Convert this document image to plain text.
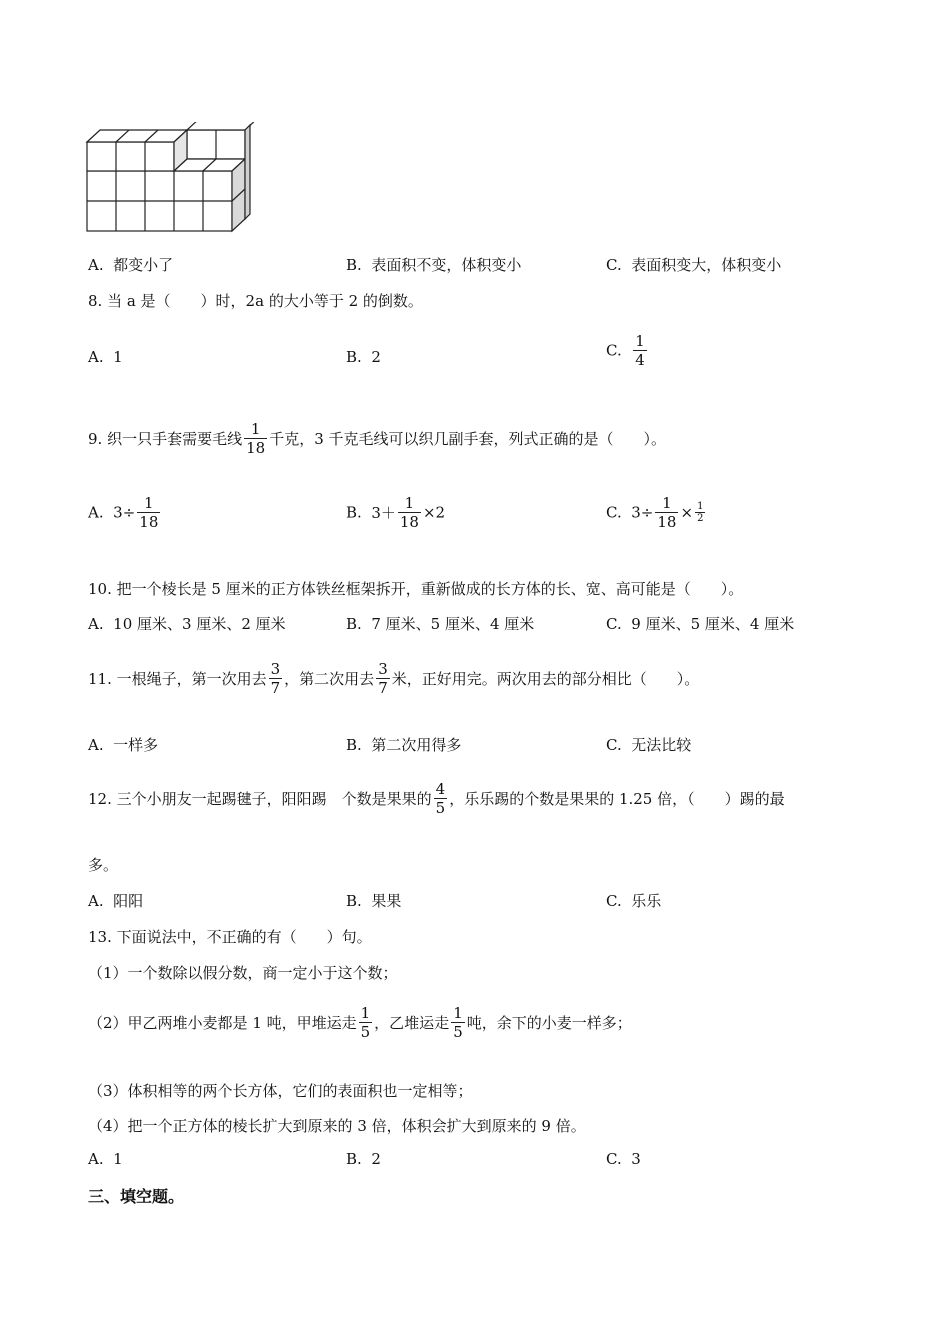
A. 都变小了	B. 表面积不变，体积变小	C. 表面积变大，体积变小
8. 当 a 是（　　）时，2a 的大小等于 2 的倒数。
A. 1	B. 2	C. $\frac{1}{4}$
9. 织一只手套需要毛线 $\frac{1}{18}$ 千克，3 千克毛线可以织几副手套，列式正确的是（　　）。
A. $3\div \frac{1}{18}$	B. $3+ \frac{1}{18} \times 2$	C. $3\div \frac{1}{18} \times \frac{1}{2}$
10. 把一个棱长是 5 厘米的正方体铁丝框架拆开，重新做成的长方体的长、宽、高可能是（　　）。
A. 10 厘米、3 厘米、2 厘米	B. 7 厘米、5 厘米、4 厘米	C. 9 厘米、5 厘米、4 厘米
11. 一根绳子，第一次用去 $\frac{3}{7}$ ，第二次用去 $\frac{3}{7}$ 米，正好用完。两次用去的部分相比（　　）。
A. 一样多	B. 第二次用得多	C. 无法比较
12. 三个小朋友一起踢毽子，阳阳踢　个数是果果的 $\frac{4}{5}$ ，乐乐踢的个数是果果的 1.25 倍，（　　）踢的最
多。
A. 阳阳	B. 果果	C. 乐乐
13. 下面说法中，不正确的有（　　）句。
（1）一个数除以假分数，商一定小于这个数；
（2）甲乙两堆小麦都是 1 吨，甲堆运走 $\frac{1}{5}$ ，乙堆运走 $\frac{1}{5}$ 吨，余下的小麦一样多；
（3）体积相等的两个长方体，它们的表面积也一定相等；
（4）把一个正方体的棱长扩大到原来的 3 倍，体积会扩大到原来的 9 倍。
A. 1	B. 2	C. 3
三、填空题。
